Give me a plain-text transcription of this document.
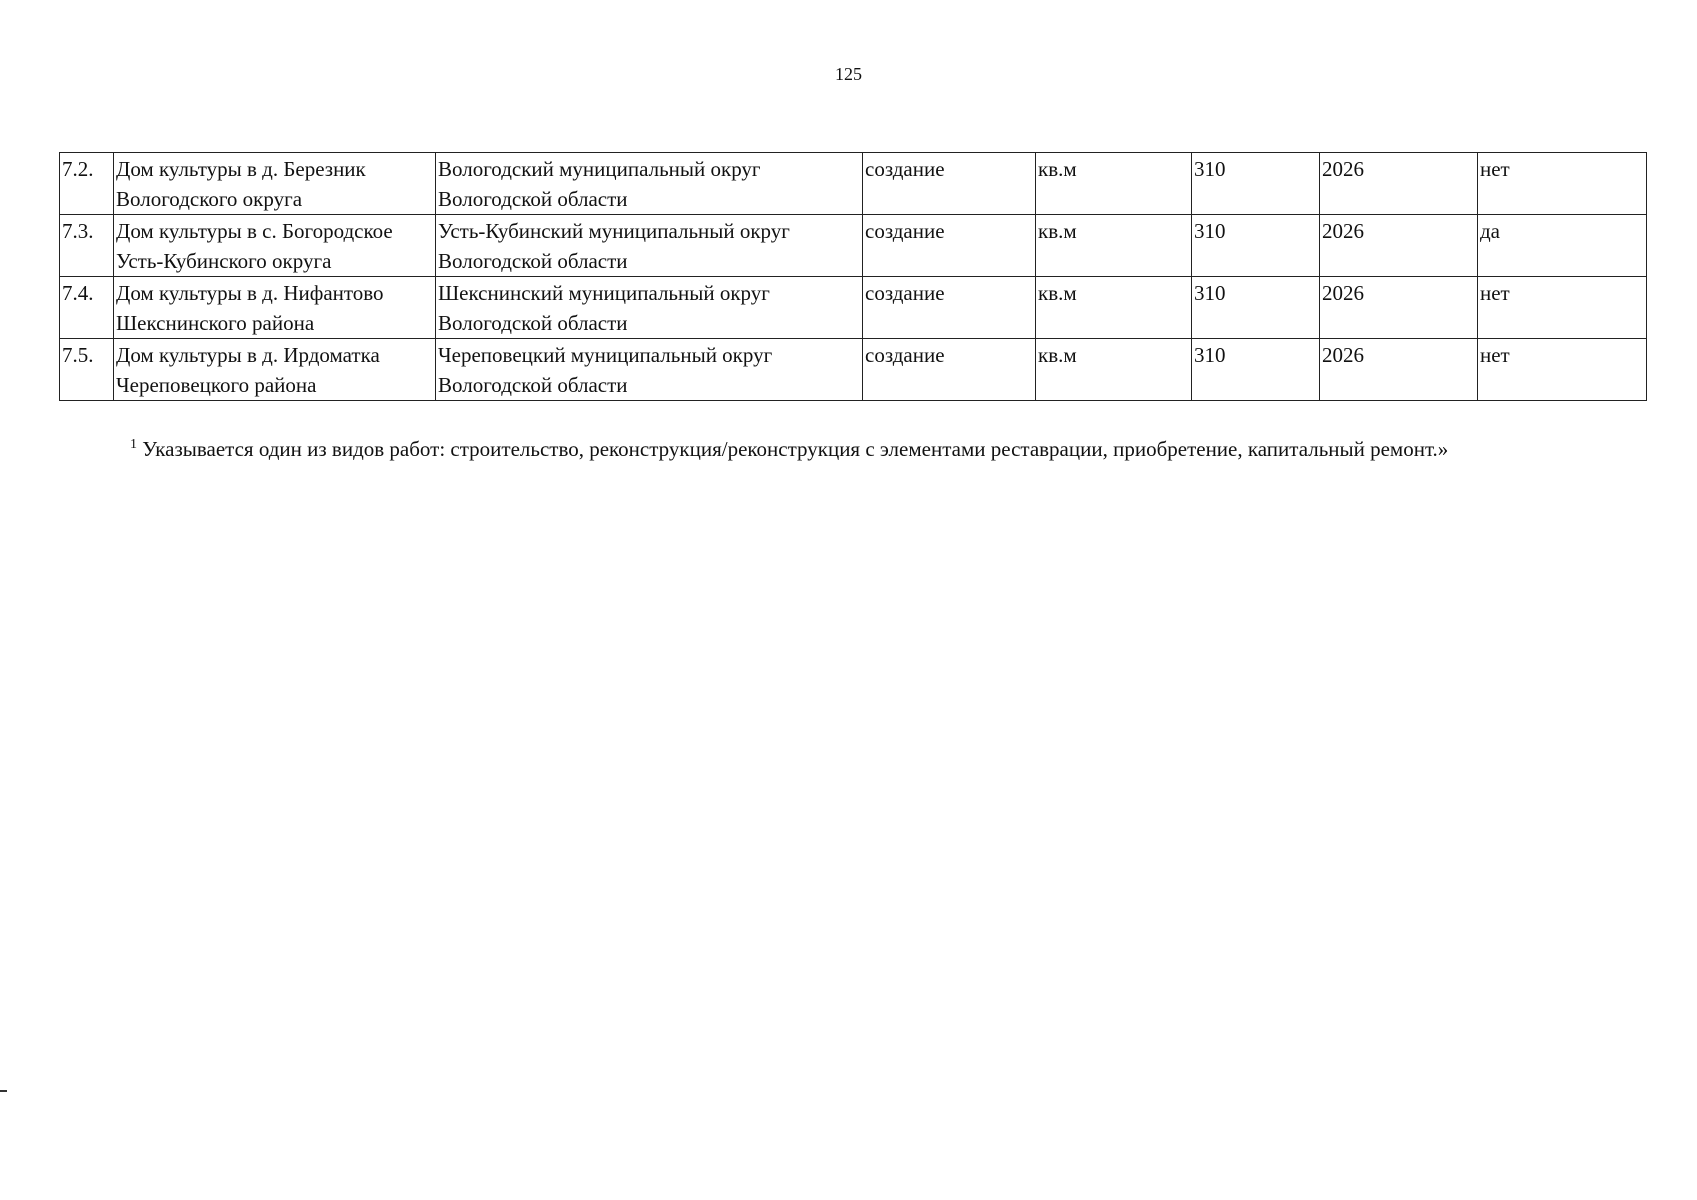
125
7.2.	Дом культуры в д. Березник Вологодского округа	Вологодский муниципальный округ Вологодской области	создание	кв.м	310	2026	нет
7.3.	Дом культуры в с. Богородское Усть-Кубинского округа	Усть-Кубинский муниципальный округ Вологодской области	создание	кв.м	310	2026	да
7.4.	Дом культуры в д. Нифантово Шекснинского района	Шекснинский муниципальный округ Вологодской области	создание	кв.м	310	2026	нет
7.5.	Дом культуры в д. Ирдоматка Череповецкого района	Череповецкий муниципальный округ Вологодской области	создание	кв.м	310	2026	нет
$^1$ Указывается один из видов работ: строительство, реконструкция/реконструкция с элементами реставрации, приобретение, капитальный ремонт.»
